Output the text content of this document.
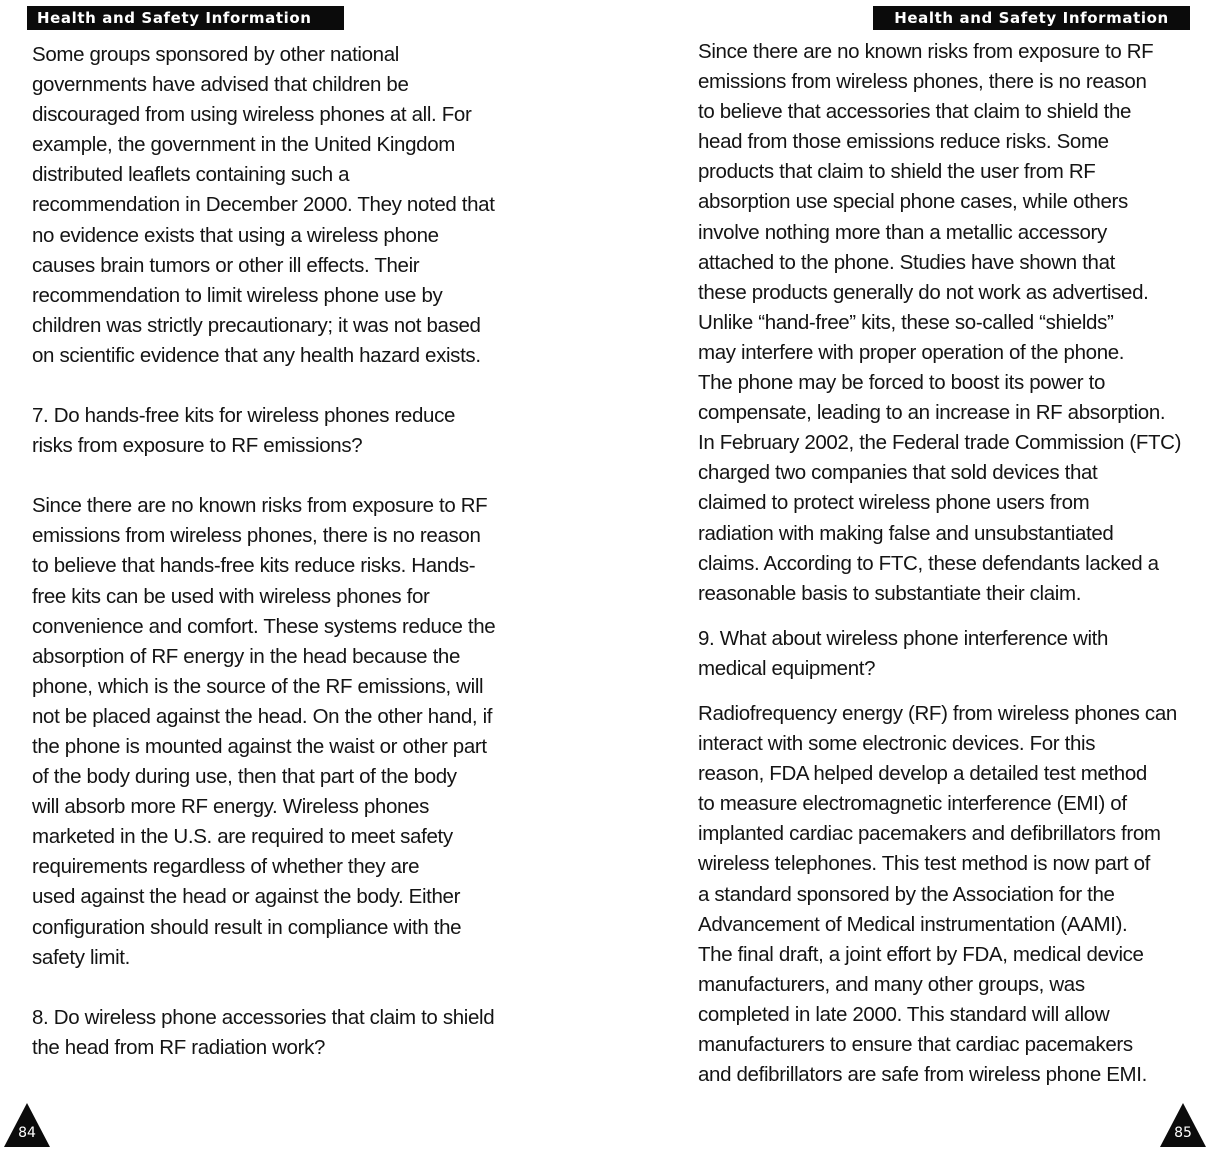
Health and Safety Information

Some groups sponsored by other national
governments have advised that children be
discouraged from using wireless phones at all. For
example, the government in the United Kingdom
distributed leaflets containing such a
recommendation in December 2000. They noted that
no evidence exists that using a wireless phone
causes brain tumors or other ill effects. Their
recommendation to limit wireless phone use by
children was strictly precautionary; it was not based
on scientific evidence that any health hazard exists.

7. Do hands-free kits for wireless phones reduce
risks from exposure to RF emissions?

Since there are no known risks from exposure to RF
emissions from wireless phones, there is no reason
to believe that hands-free kits reduce risks. Hands-
free kits can be used with wireless phones for
convenience and comfort. These systems reduce the
absorption of RF energy in the head because the
phone, which is the source of the RF emissions, will
not be placed against the head. On the other hand, if
the phone is mounted against the waist or other part
of the body during use, then that part of the body
will absorb more RF energy. Wireless phones
marketed in the U.S. are required to meet safety
requirements regardless of whether they are
used against the head or against the body. Either
configuration should result in compliance with the
safety limit.

8. Do wireless phone accessories that claim to shield
the head from RF radiation work?

84
Health and Safety Information

Since there are no known risks from exposure to RF
emissions from wireless phones, there is no reason
to believe that accessories that claim to shield the
head from those emissions reduce risks. Some
products that claim to shield the user from RF
absorption use special phone cases, while others
involve nothing more than a metallic accessory
attached to the phone. Studies have shown that
these products generally do not work as advertised.
Unlike “hand-free” kits, these so-called “shields”
may interfere with proper operation of the phone.
The phone may be forced to boost its power to
compensate, leading to an increase in RF absorption.
In February 2002, the Federal trade Commission (FTC)
charged two companies that sold devices that
claimed to protect wireless phone users from
radiation with making false and unsubstantiated
claims. According to FTC, these defendants lacked a
reasonable basis to substantiate their claim.

9. What about wireless phone interference with
medical equipment?

Radiofrequency energy (RF) from wireless phones can
interact with some electronic devices. For this
reason, FDA helped develop a detailed test method
to measure electromagnetic interference (EMI) of
implanted cardiac pacemakers and defibrillators from
wireless telephones. This test method is now part of
a standard sponsored by the Association for the
Advancement of Medical instrumentation (AAMI).
The final draft, a joint effort by FDA, medical device
manufacturers, and many other groups, was
completed in late 2000. This standard will allow
manufacturers to ensure that cardiac pacemakers
and defibrillators are safe from wireless phone EMI.

85
